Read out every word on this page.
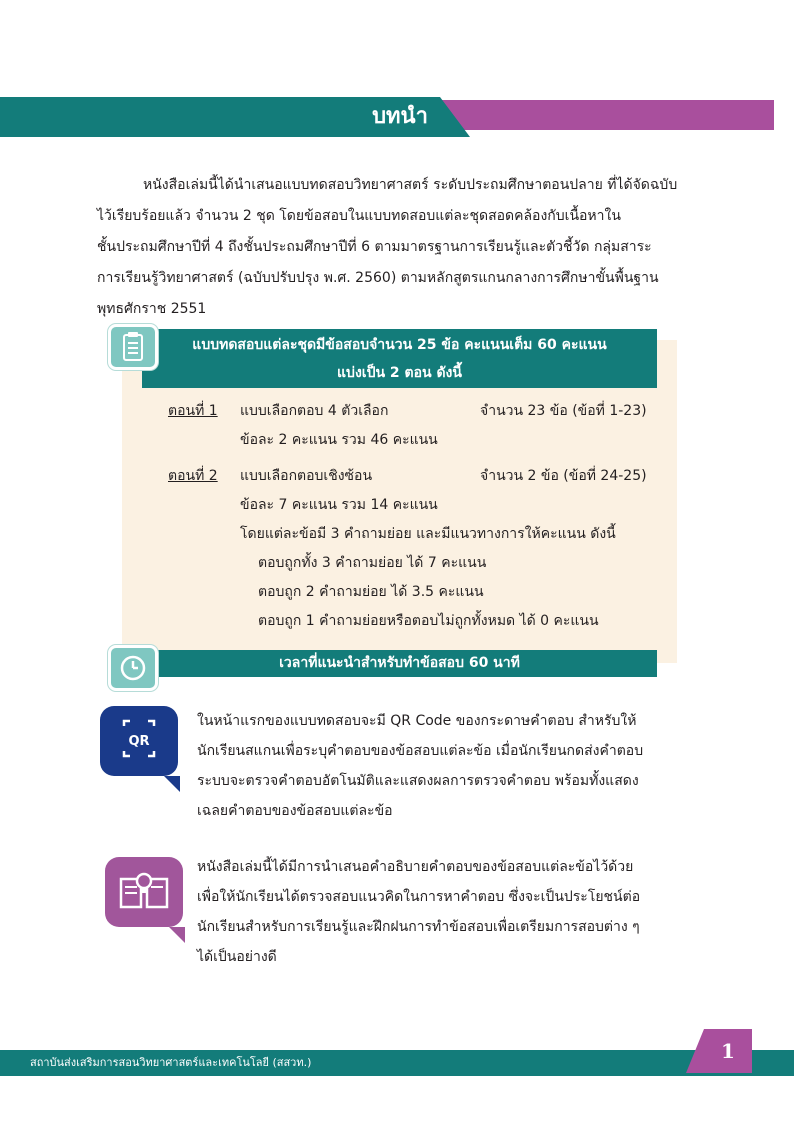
บทนำ
หนังสือเล่มนี้ได้นำเสนอแบบทดสอบวิทยาศาสตร์ ระดับประถมศึกษาตอนปลาย ที่ได้จัดฉบับ
ไว้เรียบร้อยแล้ว จำนวน 2 ชุด โดยข้อสอบในแบบทดสอบแต่ละชุดสอดคล้องกับเนื้อหาใน
ชั้นประถมศึกษาปีที่ 4 ถึงชั้นประถมศึกษาปีที่ 6 ตามมาตรฐานการเรียนรู้และตัวชี้วัด กลุ่มสาระ
การเรียนรู้วิทยาศาสตร์ (ฉบับปรับปรุง พ.ศ. 2560) ตามหลักสูตรแกนกลางการศึกษาขั้นพื้นฐาน
พุทธศักราช 2551
แบบทดสอบแต่ละชุดมีข้อสอบจำนวน 25 ข้อ คะแนนเต็ม 60 คะแนน
แบ่งเป็น 2 ตอน ดังนี้
ตอนที่ 1 แบบเลือกตอบ 4 ตัวเลือก	จำนวน 23 ข้อ (ข้อที่ 1-23)
ข้อละ 2 คะแนน รวม 46 คะแนน
ตอนที่ 2 แบบเลือกตอบเชิงซ้อน	จำนวน 2 ข้อ (ข้อที่ 24-25)
ข้อละ 7 คะแนน รวม 14 คะแนน
โดยแต่ละข้อมี 3 คำถามย่อย และมีแนวทางการให้คะแนน ดังนี้
ตอบถูกทั้ง 3 คำถามย่อย ได้ 7 คะแนน
ตอบถูก 2 คำถามย่อย ได้ 3.5 คะแนน
ตอบถูก 1 คำถามย่อยหรือตอบไม่ถูกทั้งหมด ได้ 0 คะแนน
เวลาที่แนะนำสำหรับทำข้อสอบ 60 นาที
QR
ในหน้าแรกของแบบทดสอบจะมี QR Code ของกระดาษคำตอบ สำหรับให้
นักเรียนสแกนเพื่อระบุคำตอบของข้อสอบแต่ละข้อ เมื่อนักเรียนกดส่งคำตอบ
ระบบจะตรวจคำตอบอัตโนมัติและแสดงผลการตรวจคำตอบ พร้อมทั้งแสดง
เฉลยคำตอบของข้อสอบแต่ละข้อ
หนังสือเล่มนี้ได้มีการนำเสนอคำอธิบายคำตอบของข้อสอบแต่ละข้อไว้ด้วย
เพื่อให้นักเรียนได้ตรวจสอบแนวคิดในการหาคำตอบ ซึ่งจะเป็นประโยชน์ต่อ
นักเรียนสำหรับการเรียนรู้และฝึกฝนการทำข้อสอบเพื่อเตรียมการสอบต่าง ๆ
ได้เป็นอย่างดี
สถาบันส่งเสริมการสอนวิทยาศาสตร์และเทคโนโลยี (สสวท.)	1
